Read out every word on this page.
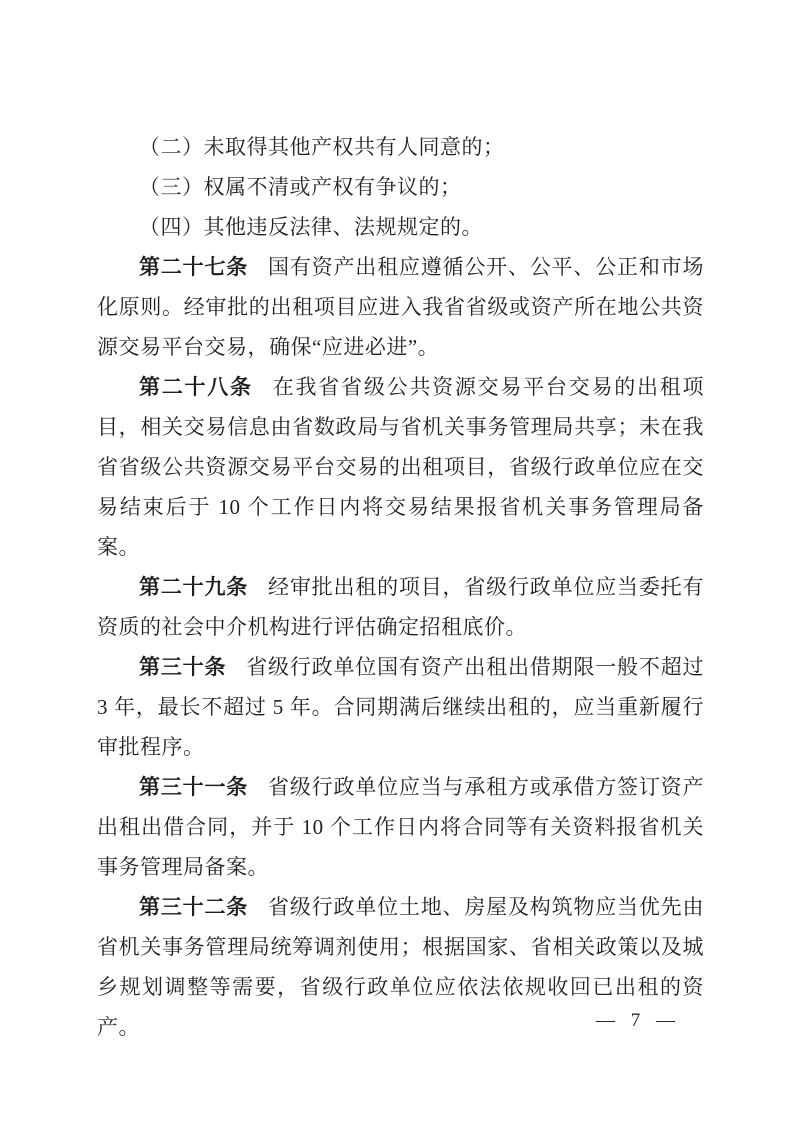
（二）未取得其他产权共有人同意的；

（三）权属不清或产权有争议的；

（四）其他违反法律、法规规定的。

第二十七条 国有资产出租应遵循公开、公平、公正和市场化原则。经审批的出租项目应进入我省省级或资产所在地公共资源交易平台交易，确保“应进必进”。

第二十八条 在我省省级公共资源交易平台交易的出租项目，相关交易信息由省数政局与省机关事务管理局共享；未在我省省级公共资源交易平台交易的出租项目，省级行政单位应在交易结束后于 10 个工作日内将交易结果报省机关事务管理局备案。

第二十九条 经审批出租的项目，省级行政单位应当委托有资质的社会中介机构进行评估确定招租底价。

第三十条 省级行政单位国有资产出租出借期限一般不超过 3 年，最长不超过 5 年。合同期满后继续出租的，应当重新履行审批程序。

第三十一条 省级行政单位应当与承租方或承借方签订资产出租出借合同，并于 10 个工作日内将合同等有关资料报省机关事务管理局备案。

第三十二条 省级行政单位土地、房屋及构筑物应当优先由省机关事务管理局统筹调剂使用；根据国家、省相关政策以及城乡规划调整等需要，省级行政单位应依法依规收回已出租的资产。	— 7 —
